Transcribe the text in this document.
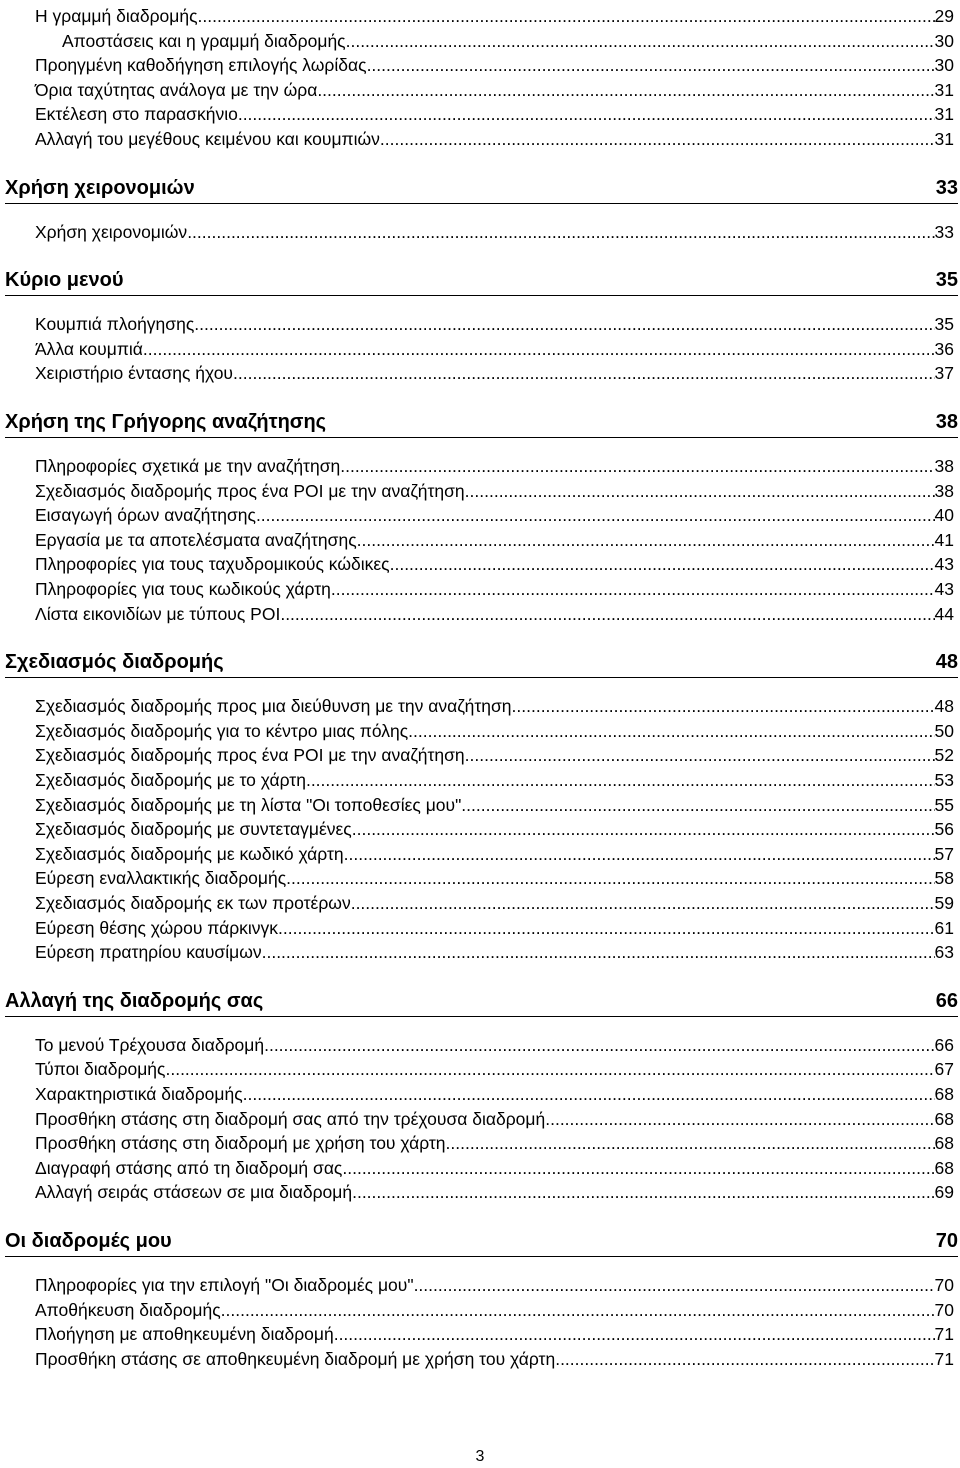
Η γραμμή διαδρομής .....	29
Αποστάσεις και η γραμμή διαδρομής .....	30
Προηγμένη καθοδήγηση επιλογής λωρίδας .....	30
Όρια ταχύτητας ανάλογα με την ώρα .....	31
Εκτέλεση στο παρασκήνιο .....	31
Αλλαγή του μεγέθους κειμένου και κουμπιών .....	31
Χρήση χειρονομιών	33
Χρήση χειρονομιών .....	33
Κύριο μενού	35
Κουμπιά πλοήγησης .....	35
Άλλα κουμπιά .....	36
Χειριστήριο έντασης ήχου .....	37
Χρήση της Γρήγορης αναζήτησης	38
Πληροφορίες σχετικά με την αναζήτηση .....	38
Σχεδιασμός διαδρομής προς ένα POI με την αναζήτηση .....	38
Εισαγωγή όρων αναζήτησης .....	40
Εργασία με τα αποτελέσματα αναζήτησης .....	41
Πληροφορίες για τους ταχυδρομικούς κώδικες .....	43
Πληροφορίες για τους κωδικούς χάρτη .....	43
Λίστα εικονιδίων με τύπους POI .....	44
Σχεδιασμός διαδρομής	48
Σχεδιασμός διαδρομής προς μια διεύθυνση με την αναζήτηση .....	48
Σχεδιασμός διαδρομής για το κέντρο μιας πόλης .....	50
Σχεδιασμός διαδρομής προς ένα POI με την αναζήτηση .....	52
Σχεδιασμός διαδρομής με το χάρτη .....	53
Σχεδιασμός διαδρομής με τη λίστα "Οι τοποθεσίες μου" .....	55
Σχεδιασμός διαδρομής με συντεταγμένες .....	56
Σχεδιασμός διαδρομής με κωδικό χάρτη .....	57
Εύρεση εναλλακτικής διαδρομής .....	58
Σχεδιασμός διαδρομής εκ των προτέρων .....	59
Εύρεση θέσης χώρου πάρκινγκ .....	61
Εύρεση πρατηρίου καυσίμων .....	63
Αλλαγή της διαδρομής σας	66
Το μενού Τρέχουσα διαδρομή .....	66
Τύποι διαδρομής .....	67
Χαρακτηριστικά διαδρομής .....	68
Προσθήκη στάσης στη διαδρομή σας από την τρέχουσα διαδρομή .....	68
Προσθήκη στάσης στη διαδρομή με χρήση του χάρτη .....	68
Διαγραφή στάσης από τη διαδρομή σας .....	68
Αλλαγή σειράς στάσεων σε μια διαδρομή .....	69
Οι διαδρομές μου	70
Πληροφορίες για την επιλογή "Οι διαδρομές μου" .....	70
Αποθήκευση διαδρομής .....	70
Πλοήγηση με αποθηκευμένη διαδρομή .....	71
Προσθήκη στάσης σε αποθηκευμένη διαδρομή με χρήση του χάρτη .....	71
3
